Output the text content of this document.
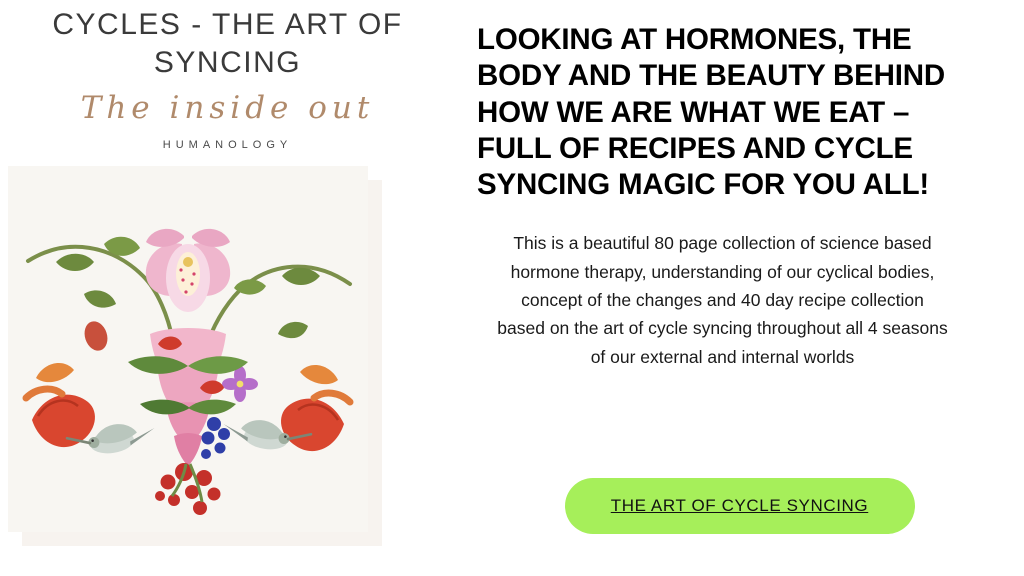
CYCLES - THE ART OF SYNCING
The inside out
HUMANOLOGY
LOOKING AT HORMONES, THE BODY AND THE BEAUTY BEHIND HOW WE ARE WHAT WE EAT – FULL OF RECIPES AND CYCLE SYNCING MAGIC FOR YOU ALL!

This is a beautiful 80 page collection of science based hormone therapy, understanding of our cyclical bodies, concept of the changes and 40 day recipe collection based on the art of cycle syncing throughout all 4 seasons of our external and internal worlds

THE ART OF CYCLE SYNCING
